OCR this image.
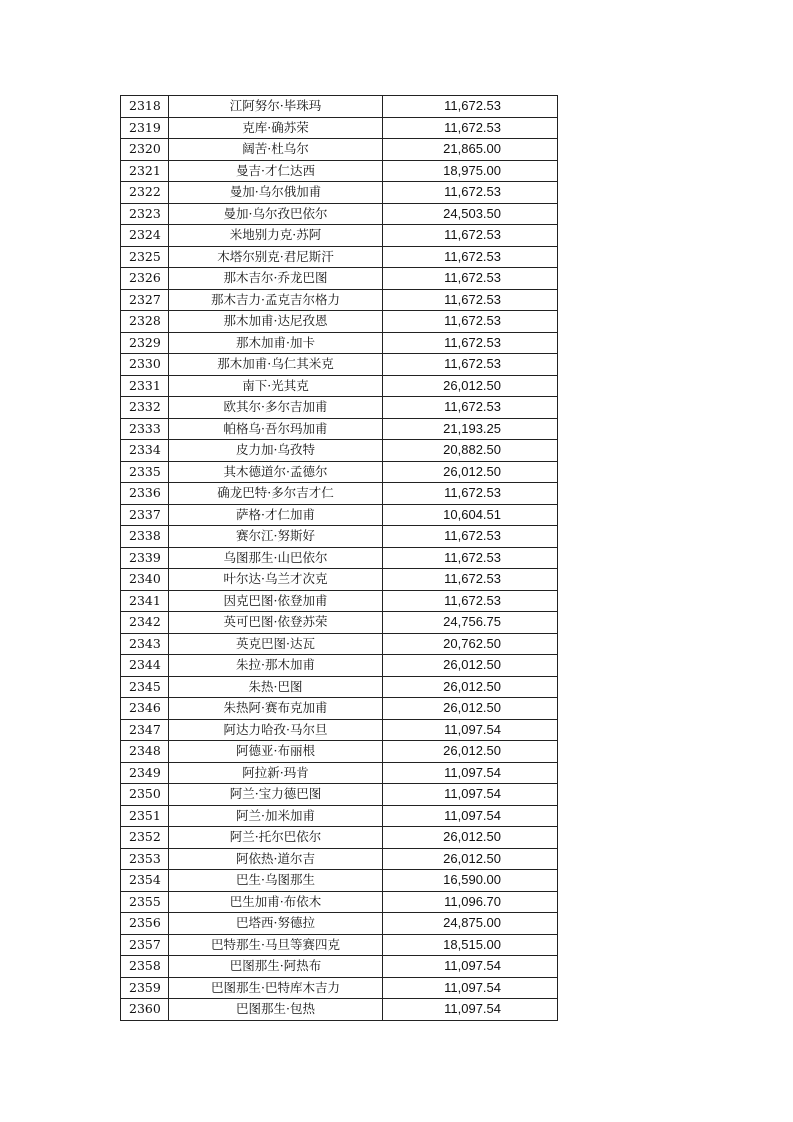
2318	江阿努尔·毕珠玛	11,672.53
2319	克库·确苏荣	11,672.53
2320	阔苦·杜乌尔	21,865.00
2321	曼吉·才仁达西	18,975.00
2322	曼加·乌尔俄加甫	11,672.53
2323	曼加·乌尔孜巴依尔	24,503.50
2324	米地别力克·苏阿	11,672.53
2325	木塔尔别克·君尼斯汗	11,672.53
2326	那木吉尔·乔龙巴图	11,672.53
2327	那木吉力·孟克吉尔格力	11,672.53
2328	那木加甫·达尼孜恩	11,672.53
2329	那木加甫·加卡	11,672.53
2330	那木加甫·乌仁其米克	11,672.53
2331	南下·光其克	26,012.50
2332	欧其尔·多尔吉加甫	11,672.53
2333	帕格乌·吾尔玛加甫	21,193.25
2334	皮力加·乌孜特	20,882.50
2335	其木德道尔·孟德尔	26,012.50
2336	确龙巴特·多尔吉才仁	11,672.53
2337	萨格·才仁加甫	10,604.51
2338	赛尔江·努斯好	11,672.53
2339	乌图那生·山巴依尔	11,672.53
2340	叶尔达·乌兰才次克	11,672.53
2341	因克巴图·依登加甫	11,672.53
2342	英可巴图·依登苏荣	24,756.75
2343	英克巴图·达瓦	20,762.50
2344	朱拉·那木加甫	26,012.50
2345	朱热·巴图	26,012.50
2346	朱热阿·赛布克加甫	26,012.50
2347	阿达力哈孜·马尔旦	11,097.54
2348	阿德亚·布丽根	26,012.50
2349	阿拉新·玛肯	11,097.54
2350	阿兰·宝力德巴图	11,097.54
2351	阿兰·加米加甫	11,097.54
2352	阿兰·托尔巴依尔	26,012.50
2353	阿依热·道尔吉	26,012.50
2354	巴生·乌图那生	16,590.00
2355	巴生加甫·布依木	11,096.70
2356	巴塔西·努德拉	24,875.00
2357	巴特那生·马旦等赛四克	18,515.00
2358	巴图那生·阿热布	11,097.54
2359	巴图那生·巴特库木吉力	11,097.54
2360	巴图那生·包热	11,097.54
